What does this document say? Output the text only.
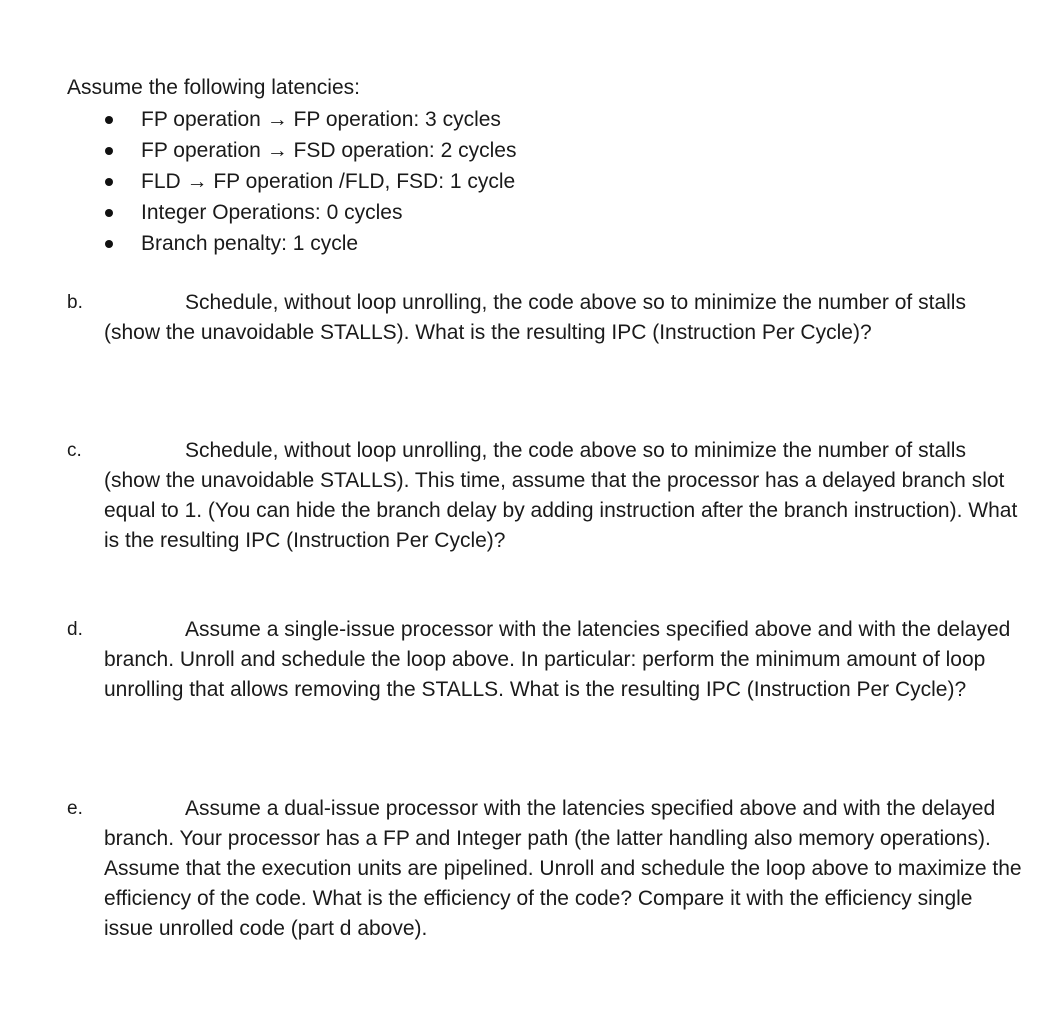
Assume the following latencies:
FP operation → FP operation: 3 cycles
FP operation → FSD operation: 2 cycles
FLD → FP operation /FLD, FSD: 1 cycle
Integer Operations: 0 cycles
Branch penalty: 1 cycle
b.	Schedule, without loop unrolling, the code above so to minimize the number of stalls (show the unavoidable STALLS). What is the resulting IPC (Instruction Per Cycle)?
c.	Schedule, without loop unrolling, the code above so to minimize the number of stalls (show the unavoidable STALLS). This time, assume that the processor has a delayed branch slot equal to 1. (You can hide the branch delay by adding instruction after the branch instruction). What is the resulting IPC (Instruction Per Cycle)?
d.	Assume a single-issue processor with the latencies specified above and with the delayed branch. Unroll and schedule the loop above. In particular: perform the minimum amount of loop unrolling that allows removing the STALLS. What is the resulting IPC (Instruction Per Cycle)?
e.	Assume a dual-issue processor with the latencies specified above and with the delayed branch. Your processor has a FP and Integer path (the latter handling also memory operations). Assume that the execution units are pipelined. Unroll and schedule the loop above to maximize the efficiency of the code. What is the efficiency of the code? Compare it with the efficiency single issue unrolled code (part d above).
